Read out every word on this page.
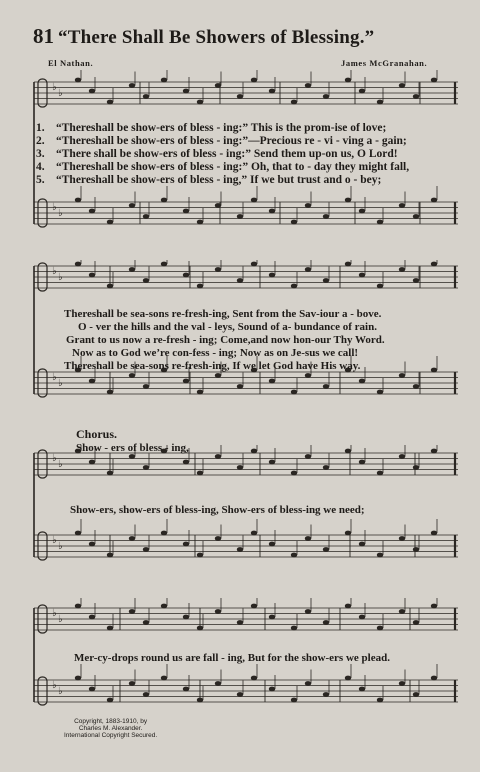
81 “There Shall Be Showers of Blessing.”
El Nathan.	James McGranahan.
♭
♭
♭
♭
♭
♭
♭
♭
♭
♭
♭
♭
♭
♭
♭
♭
1. “Thereshall be show-ers of bless - ing:” This is the prom-ise of love;
2. “Thereshall be show-ers of bless - ing:”—Precious re - vi - ving a - gain;
3. “There shall be show-ers of bless - ing:” Send them up-on us, O Lord!
4. “Thereshall be show-ers of bless - ing:” Oh, that to - day they might fall,
5. “Thereshall be show-ers of bless - ing,” If we but trust and o - bey;
Thereshall be sea-sons re-fresh-ing, Sent from the Sav-iour a - bove.
O - ver the hills and the val - leys, Sound of a- bundance of rain.
Grant to us now a re-fresh - ing; Come,and now hon-our Thy Word.
Now as to God we’re con-fess - ing; Now as on Je-sus we call!
Thereshall be sea-sons re-fresh-ing, If we let God have His way.
Chorus.
Show - ers of bless - ing,
Show-ers, show-ers of bless-ing, Show-ers of bless-ing we need;
Mer-cy-drops round us are fall - ing, But for the show-ers we plead.
Copyright, 1883-1910, by
Charles M. Alexander.
International Copyright Secured.
